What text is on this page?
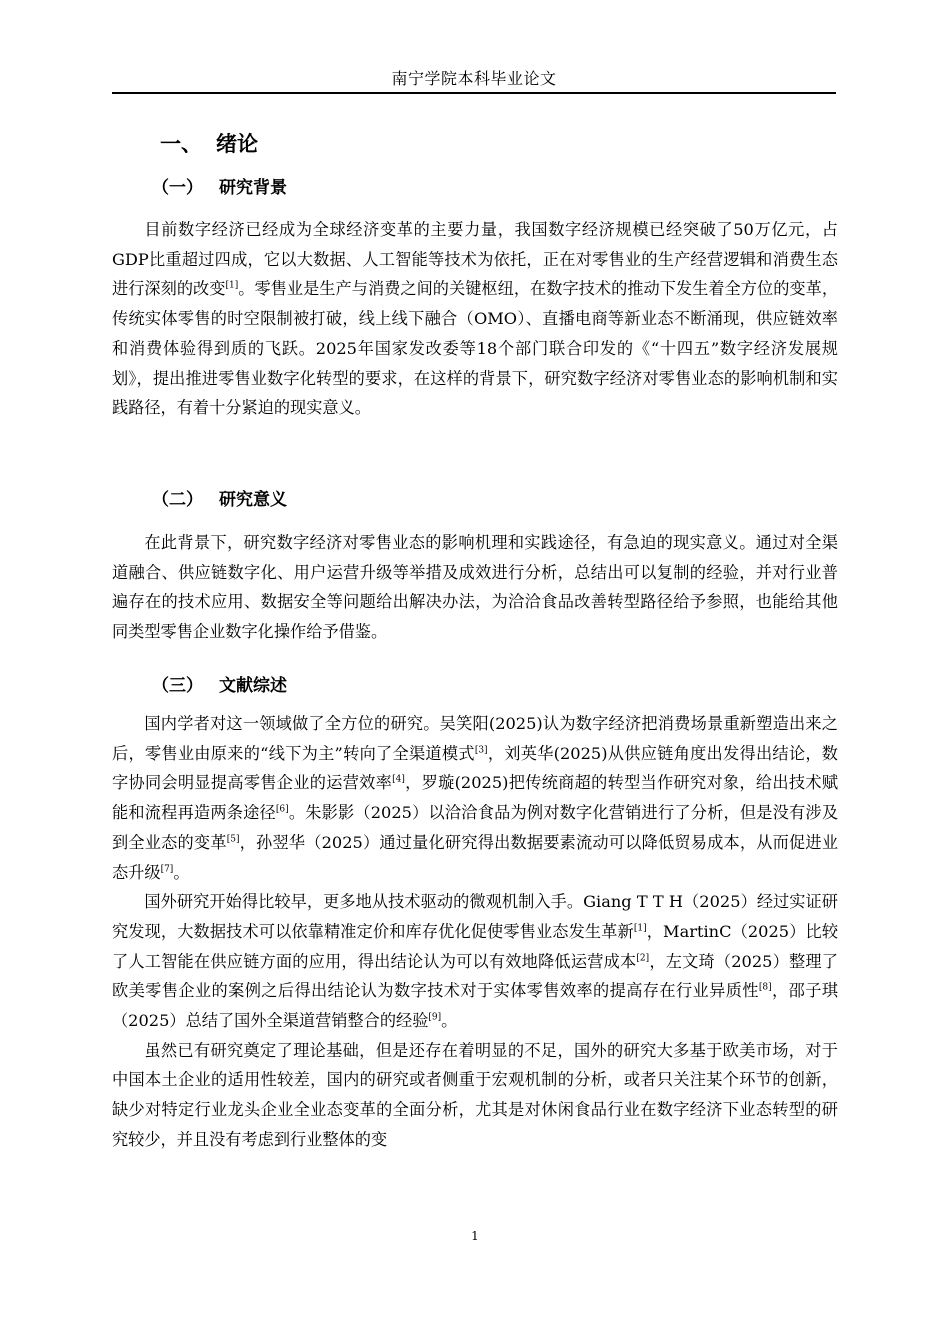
南宁学院本科毕业论文
一、 绪论
（一） 研究背景

目前数字经济已经成为全球经济变革的主要力量，我国数字经济规模已经突破了50万亿元，占GDP比重超过四成，它以大数据、人工智能等技术为依托，正在对零售业的生产经营逻辑和消费生态进行深刻的改变[1]。零售业是生产与消费之间的关键枢纽，在数字技术的推动下发生着全方位的变革，传统实体零售的时空限制被打破，线上线下融合（OMO）、直播电商等新业态不断涌现，供应链效率和消费体验得到质的飞跃。2025年国家发改委等18个部门联合印发的《“十四五”数字经济发展规划》，提出推进零售业数字化转型的要求，在这样的背景下，研究数字经济对零售业态的影响机制和实践路径，有着十分紧迫的现实意义。

（二） 研究意义

在此背景下，研究数字经济对零售业态的影响机理和实践途径，有急迫的现实意义。通过对全渠道融合、供应链数字化、用户运营升级等举措及成效进行分析，总结出可以复制的经验，并对行业普遍存在的技术应用、数据安全等问题给出解决办法，为洽洽食品改善转型路径给予参照，也能给其他同类型零售企业数字化操作给予借鉴。

（三） 文献综述

国内学者对这一领域做了全方位的研究。吴笑阳(2025)认为数字经济把消费场景重新塑造出来之后，零售业由原来的“线下为主”转向了全渠道模式[3]，刘英华(2025)从供应链角度出发得出结论，数字协同会明显提高零售企业的运营效率[4]，罗璇(2025)把传统商超的转型当作研究对象，给出技术赋能和流程再造两条途径[6]。朱影影（2025）以洽洽食品为例对数字化营销进行了分析，但是没有涉及到全业态的变革[5]，孙翌华（2025）通过量化研究得出数据要素流动可以降低贸易成本，从而促进业态升级[7]。

国外研究开始得比较早，更多地从技术驱动的微观机制入手。Giang T T H（2025）经过实证研究发现，大数据技术可以依靠精准定价和库存优化促使零售业态发生革新[1]，MartinC（2025）比较了人工智能在供应链方面的应用，得出结论认为可以有效地降低运营成本[2]，左文琦（2025）整理了欧美零售企业的案例之后得出结论认为数字技术对于实体零售效率的提高存在行业异质性[8]，邵子琪（2025）总结了国外全渠道营销整合的经验[9]。

虽然已有研究奠定了理论基础，但是还存在着明显的不足，国外的研究大多基于欧美市场，对于中国本土企业的适用性较差，国内的研究或者侧重于宏观机制的分析，或者只关注某个环节的创新，缺少对特定行业龙头企业全业态变革的全面分析，尤其是对休闲食品行业在数字经济下业态转型的研究较少，并且没有考虑到行业整体的变

1
